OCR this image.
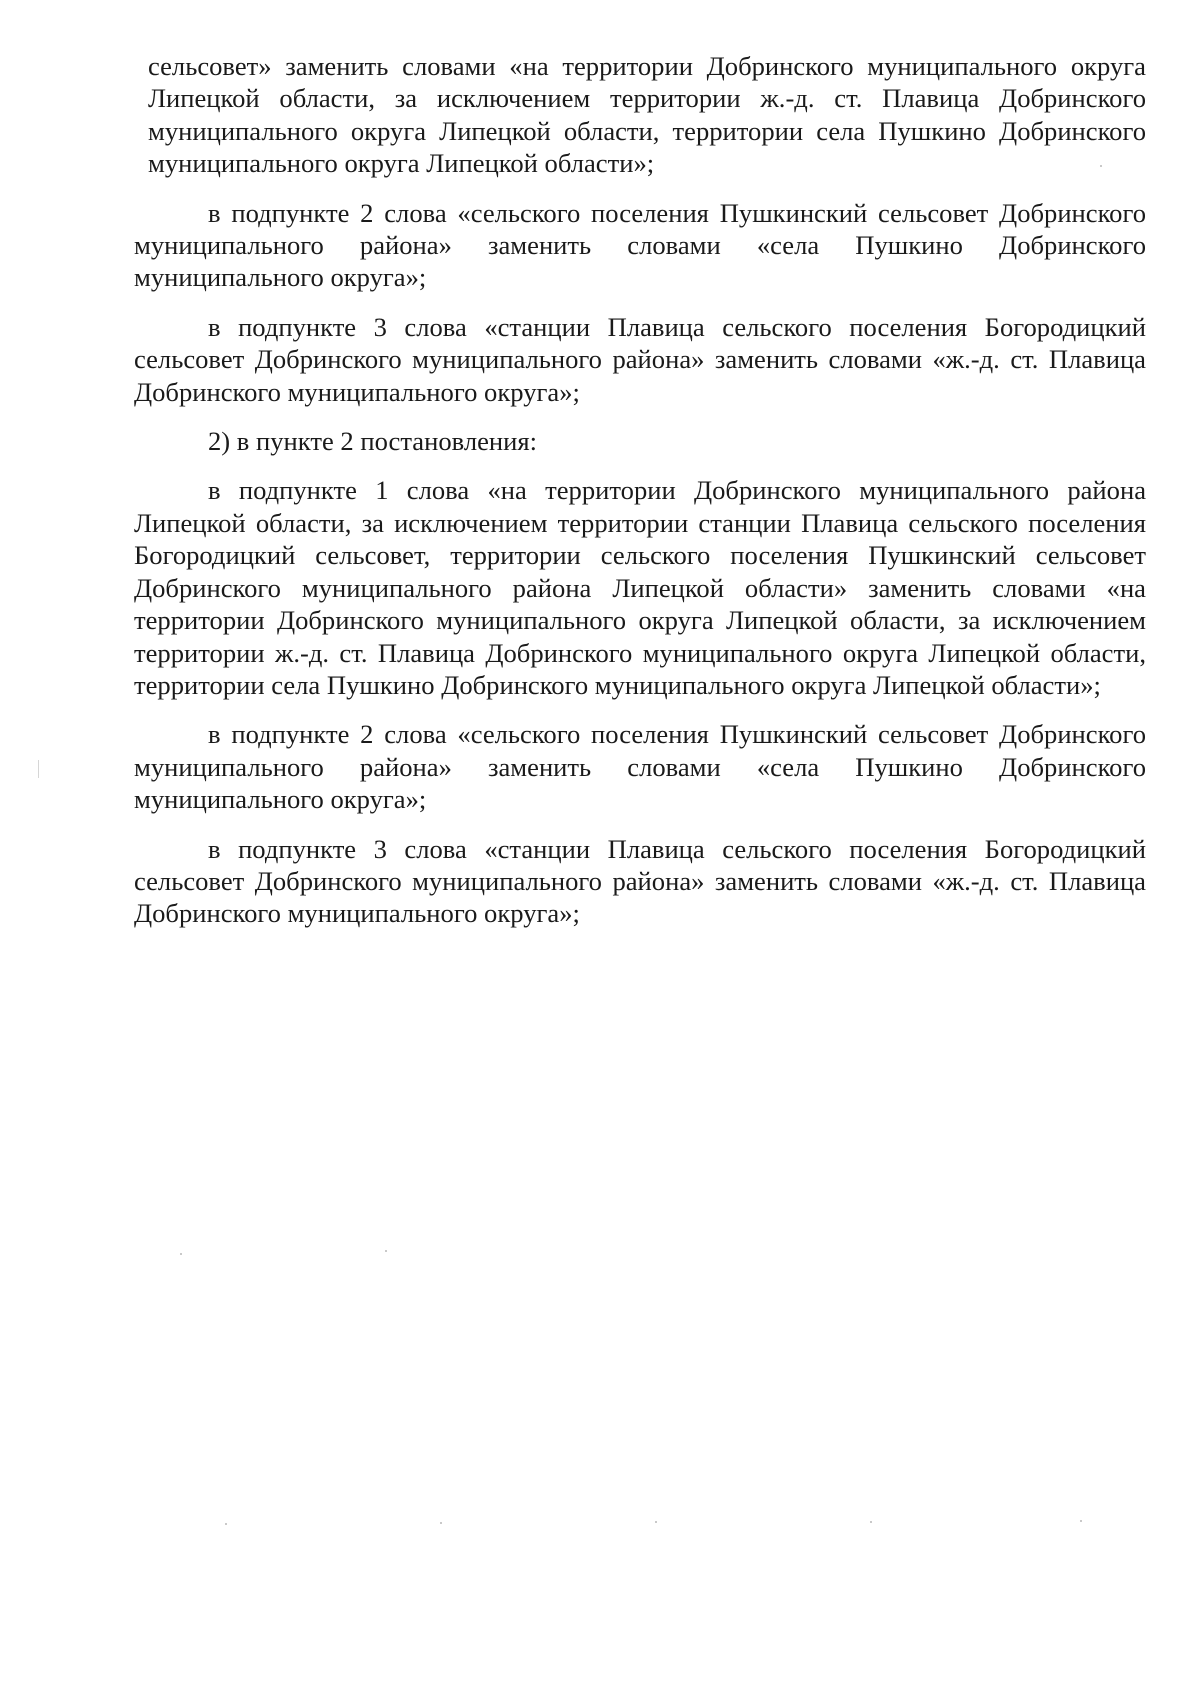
сельсовет» заменить словами «на территории Добринского муниципального округа Липецкой области, за исключением территории ж.-д. ст. Плавица Добринского муниципального округа Липецкой области, территории села Пушкино Добринского муниципального округа Липецкой области»;

в подпункте 2 слова «сельского поселения Пушкинский сельсовет Добринского муниципального района» заменить словами «села Пушкино Добринского муниципального округа»;

в подпункте 3 слова «станции Плавица сельского поселения Богородицкий сельсовет Добринского муниципального района» заменить словами «ж.-д. ст. Плавица Добринского муниципального округа»;

2) в пункте 2 постановления:

в подпункте 1 слова «на территории Добринского муниципального района Липецкой области, за исключением территории станции Плавица сельского поселения Богородицкий сельсовет, территории сельского поселения Пушкинский сельсовет Добринского муниципального района Липецкой области» заменить словами «на территории Добринского муниципального округа Липецкой области, за исключением территории ж.-д. ст. Плавица Добринского муниципального округа Липецкой области, территории села Пушкино Добринского муниципального округа Липецкой области»;

в подпункте 2 слова «сельского поселения Пушкинский сельсовет Добринского муниципального района» заменить словами «села Пушкино Добринского муниципального округа»;

в подпункте 3 слова «станции Плавица сельского поселения Богородицкий сельсовет Добринского муниципального района» заменить словами «ж.-д. ст. Плавица Добринского муниципального округа»;
